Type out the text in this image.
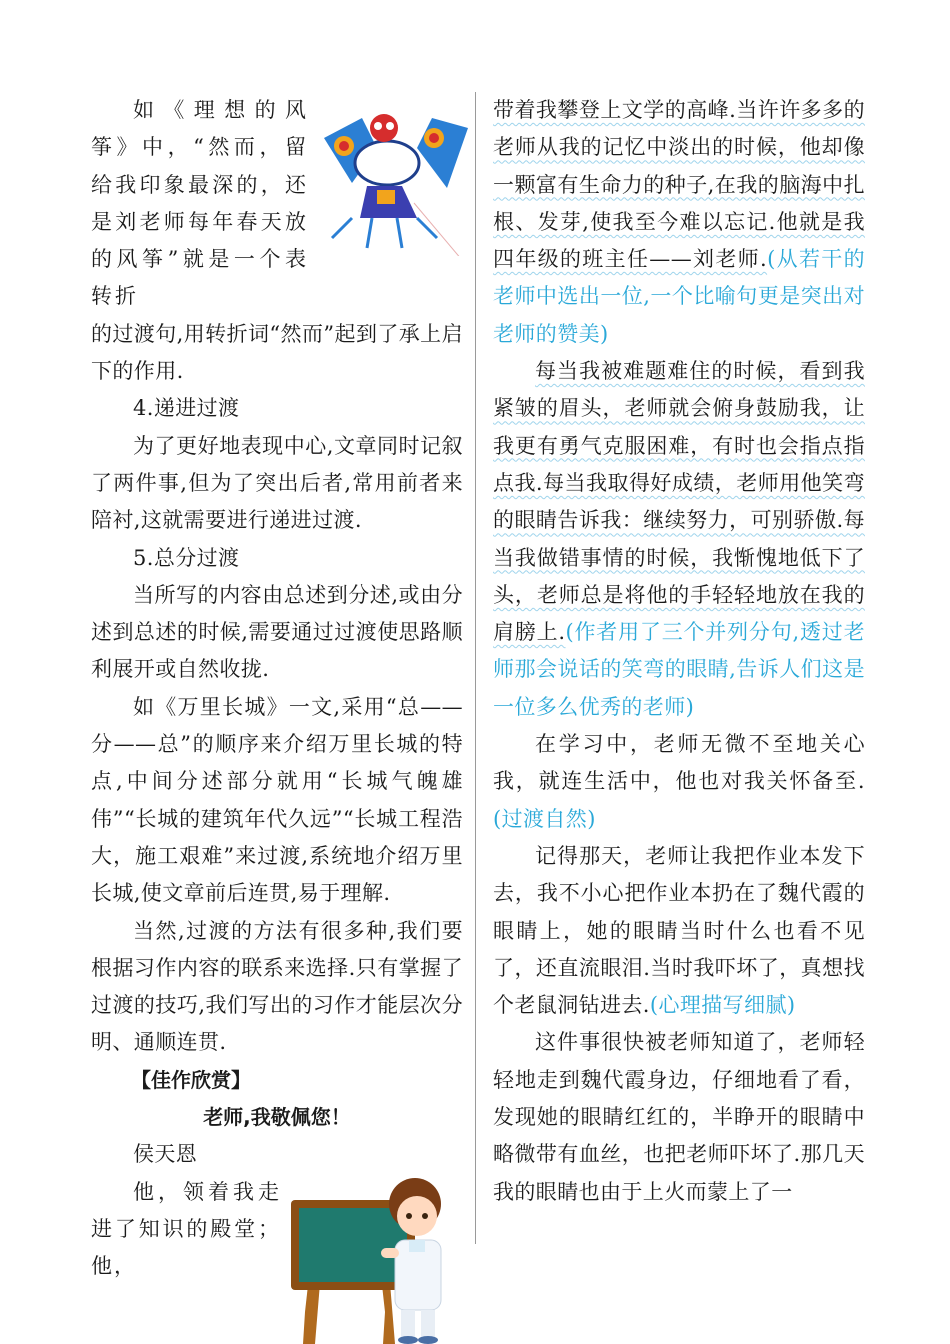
如《理想的风筝》中，“然而，留给我印象最深的，还是刘老师每年春天放的风筝”就是一个表转折

的过渡句,用转折词“然而”起到了承上启下的作用.

4.递进过渡

为了更好地表现中心,文章同时记叙了两件事,但为了突出后者,常用前者来陪衬,这就需要进行递进过渡.

5.总分过渡

当所写的内容由总述到分述,或由分述到总述的时候,需要通过过渡使思路顺利展开或自然收拢.

如《万里长城》一文,采用“总——分——总”的顺序来介绍万里长城的特点,中间分述部分就用“长城气魄雄伟”“长城的建筑年代久远”“长城工程浩大，施工艰难”来过渡,系统地介绍万里长城,使文章前后连贯,易于理解.

当然,过渡的方法有很多种,我们要根据习作内容的联系来选择.只有掌握了过渡的技巧,我们写出的习作才能层次分明、通顺连贯.

【佳作欣赏】

老师,我敬佩您！

侯天恩

他，领着我走进了知识的殿堂；他，

带着我攀登上文学的高峰.当许许多多的老师从我的记忆中淡出的时候，他却像一颗富有生命力的种子,在我的脑海中扎根、发芽,使我至今难以忘记.他就是我四年级的班主任——刘老师.(从若干的老师中选出一位,一个比喻句更是突出对老师的赞美)

每当我被难题难住的时候，看到我紧皱的眉头，老师就会俯身鼓励我，让我更有勇气克服困难，有时也会指点指点我.每当我取得好成绩，老师用他笑弯的眼睛告诉我：继续努力，可别骄傲.每当我做错事情的时候，我惭愧地低下了头，老师总是将他的手轻轻地放在我的肩膀上.(作者用了三个并列分句,透过老师那会说话的笑弯的眼睛,告诉人们这是一位多么优秀的老师)

在学习中，老师无微不至地关心我，就连生活中，他也对我关怀备至.(过渡自然)

记得那天，老师让我把作业本发下去，我不小心把作业本扔在了魏代霞的眼睛上，她的眼睛当时什么也看不见了，还直流眼泪.当时我吓坏了，真想找个老鼠洞钻进去.(心理描写细腻)

这件事很快被老师知道了，老师轻轻地走到魏代霞身边，仔细地看了看，发现她的眼睛红红的，半睁开的眼睛中略微带有血丝，也把老师吓坏了.那几天我的眼睛也由于上火而蒙上了一
